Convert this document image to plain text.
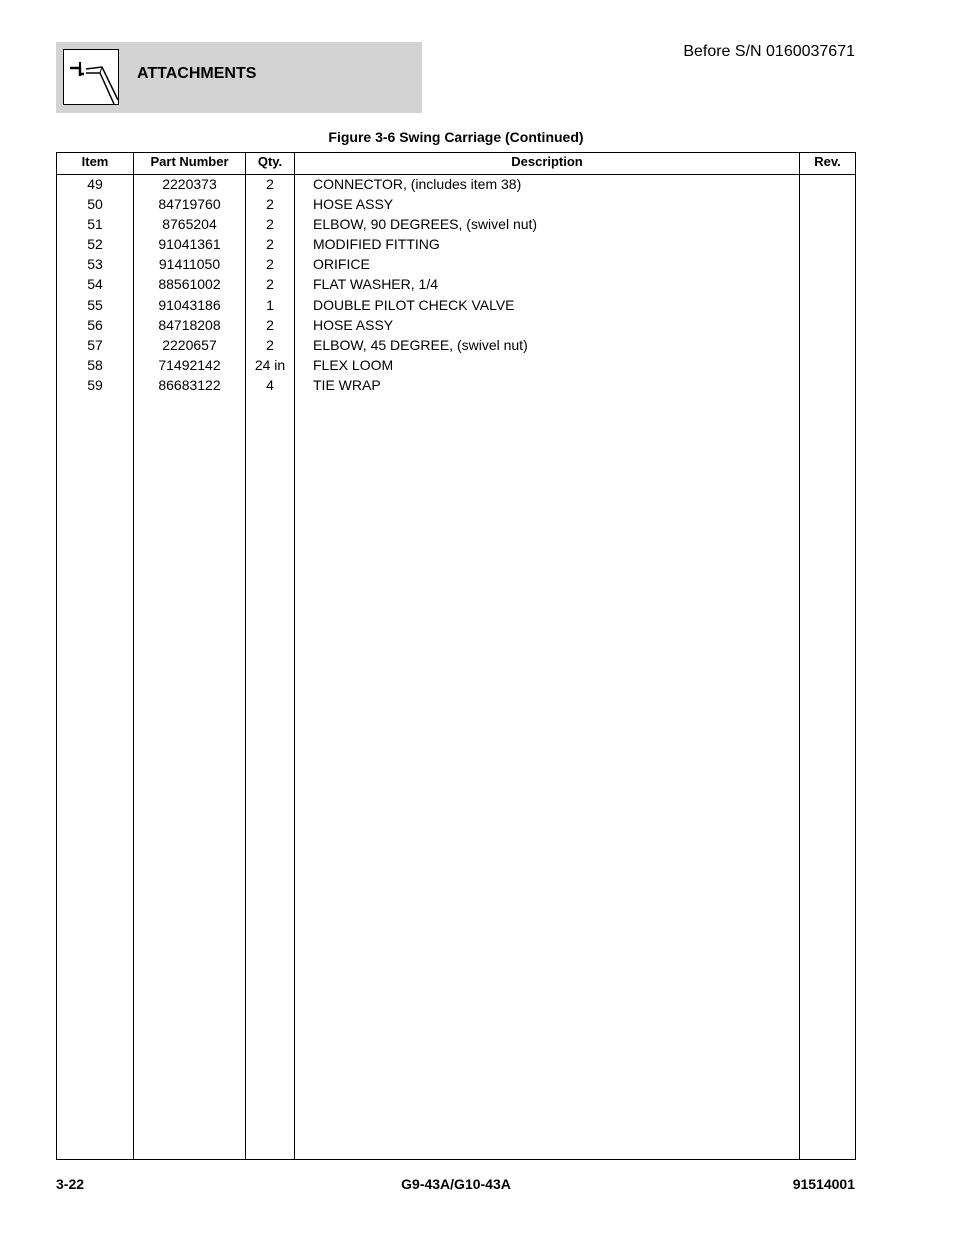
ATTACHMENTS
Before S/N 0160037671
Figure 3-6 Swing Carriage (Continued)
Item	Part Number	Qty.	Description	Rev.
49	2220373	2	CONNECTOR, (includes item 38)
50	84719760	2	HOSE ASSY
51	8765204	2	ELBOW, 90 DEGREES, (swivel nut)
52	91041361	2	MODIFIED FITTING
53	91411050	2	ORIFICE
54	88561002	2	FLAT WASHER, 1/4
55	91043186	1	DOUBLE PILOT CHECK VALVE
56	84718208	2	HOSE ASSY
57	2220657	2	ELBOW, 45 DEGREE, (swivel nut)
58	71492142	24 in	FLEX LOOM
59	86683122	4	TIE WRAP
3-22	G9-43A/G10-43A	91514001
